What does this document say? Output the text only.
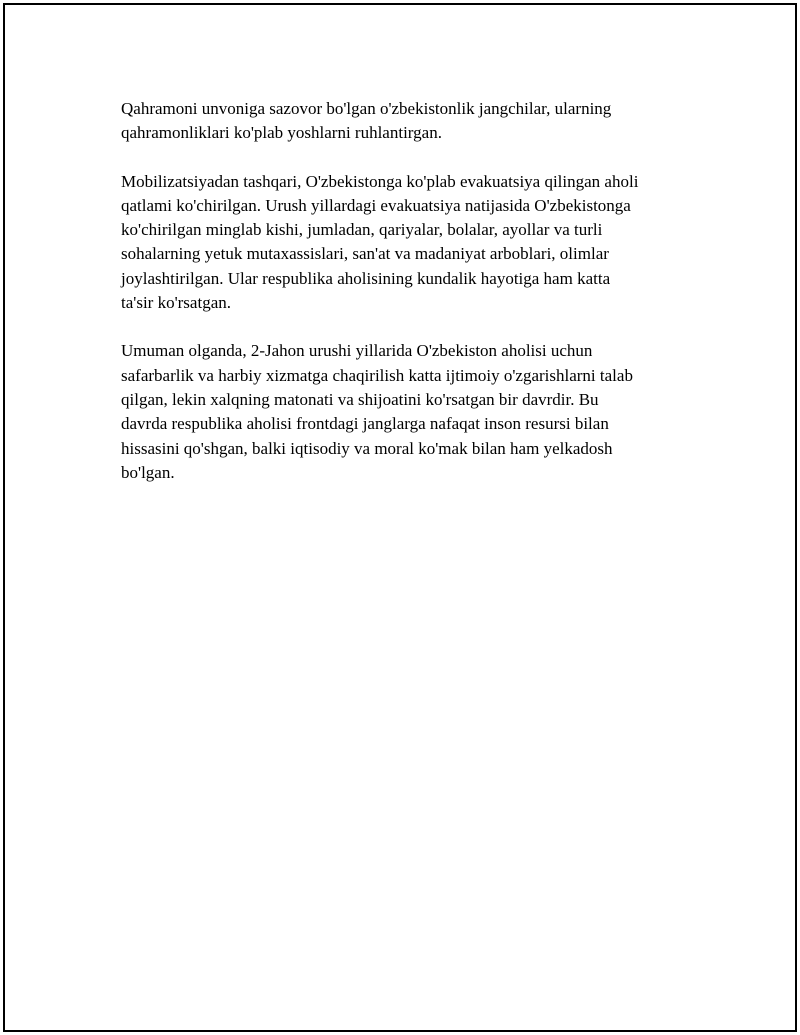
Qahramoni unvoniga sazovor bo'lgan o'zbekistonlik jangchilar, ularning
qahramonliklari ko'plab yoshlarni ruhlantirgan.

Mobilizatsiyadan tashqari, O'zbekistonga ko'plab evakuatsiya qilingan aholi
qatlami ko'chirilgan. Urush yillardagi evakuatsiya natijasida O'zbekistonga
ko'chirilgan minglab kishi, jumladan, qariyalar, bolalar, ayollar va turli
sohalarning yetuk mutaxassislari, san'at va madaniyat arboblari, olimlar
joylashtirilgan. Ular respublika aholisining kundalik hayotiga ham katta
ta'sir ko'rsatgan.

Umuman olganda, 2-Jahon urushi yillarida O'zbekiston aholisi uchun
safarbarlik va harbiy xizmatga chaqirilish katta ijtimoiy o'zgarishlarni talab
qilgan, lekin xalqning matonati va shijoatini ko'rsatgan bir davrdir. Bu
davrda respublika aholisi frontdagi janglarga nafaqat inson resursi bilan
hissasini qo'shgan, balki iqtisodiy va moral ko'mak bilan ham yelkadosh
bo'lgan.
